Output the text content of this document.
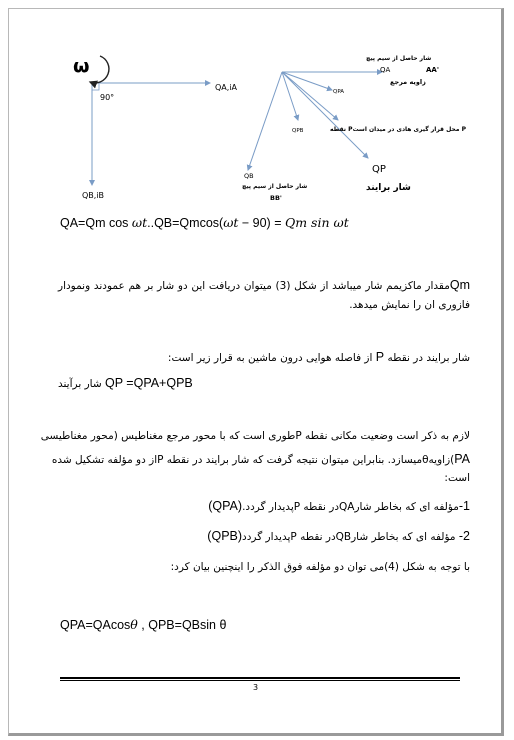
ω
90°
QA,iA
QB,iB
شار حاصل از سیم پیچ
QA	AA'
زاویه مرجع
QPA
نقطه Pمحل قرار گیری هادی در میدان است P
QPB
QB
شار حاصل از سیم پیچ
BB'
QP
شار برایند
QA=Qm cos ωt..QB=Qmcos(ωt − 90) = Qm sin ωt
Qmمقدار ماکزیمم شار میباشد از شکل (3) میتوان دریافت این دو شار بر هم عمودند ونمودار فازوری ان را نمایش میدهد.
شار برایند در نقطه P از فاصله هوایی درون ماشین به قرار زیر است:
شار برآیند QP =QPA+QPB
لازم به ذکر است وضعیت مکانی نقطه Pطوری است که با محور مرجع مغناطیس (محور مغناطیسی
PA)زاویهθمیسازد. بنابراین میتوان نتیجه گرفت که شار برایند در نقطه Pاز دو مؤلفه تشکیل شده
است:
1-مؤلفه ای که بخاطر شارQAدر نقطه Pپدیدار گردد.(QPA)
2- مؤلفه ای که بخاطر شارQBدر نقطه Pپدیدار گردد(QPB)
با توجه به شکل (4)می توان دو مؤلفه فوق الذکر را اینچنین بیان کرد:
QPA=QAcosθ , QPB=QBsin θ
3
